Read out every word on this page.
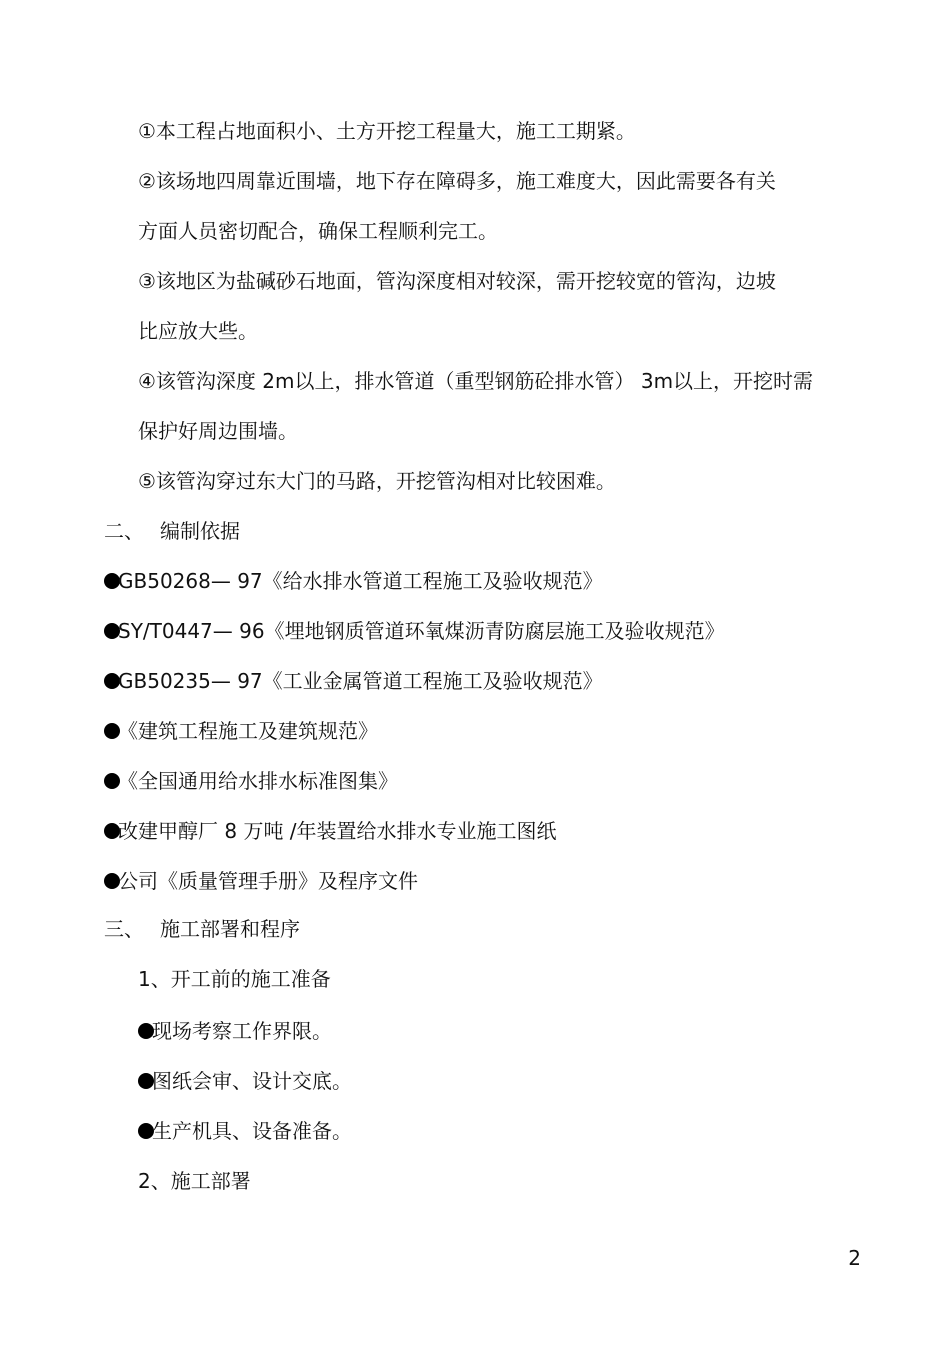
①本工程占地面积小、土方开挖工程量大，施工工期紧。
②该场地四周靠近围墙，地下存在障碍多，施工难度大，因此需要各有关
方面人员密切配合，确保工程顺利完工。
③该地区为盐碱砂石地面，管沟深度相对较深，需开挖较宽的管沟，边坡
比应放大些。
④该管沟深度 2m以上，排水管道（重型钢筋砼排水管） 3m以上，开挖时需
保护好周边围墙。
⑤该管沟穿过东大门的马路，开挖管沟相对比较困难。
二、 编制依据
GB50268— 97《给水排水管道工程施工及验收规范》
SY/T0447— 96《埋地钢质管道环氧煤沥青防腐层施工及验收规范》
GB50235— 97《工业金属管道工程施工及验收规范》
《建筑工程施工及建筑规范》
《全国通用给水排水标准图集》
改建甲醇厂 8 万吨 /年装置给水排水专业施工图纸
公司《质量管理手册》及程序文件
三、 施工部署和程序
1、开工前的施工准备
现场考察工作界限。
图纸会审、设计交底。
生产机具、设备准备。
2、施工部署
2
